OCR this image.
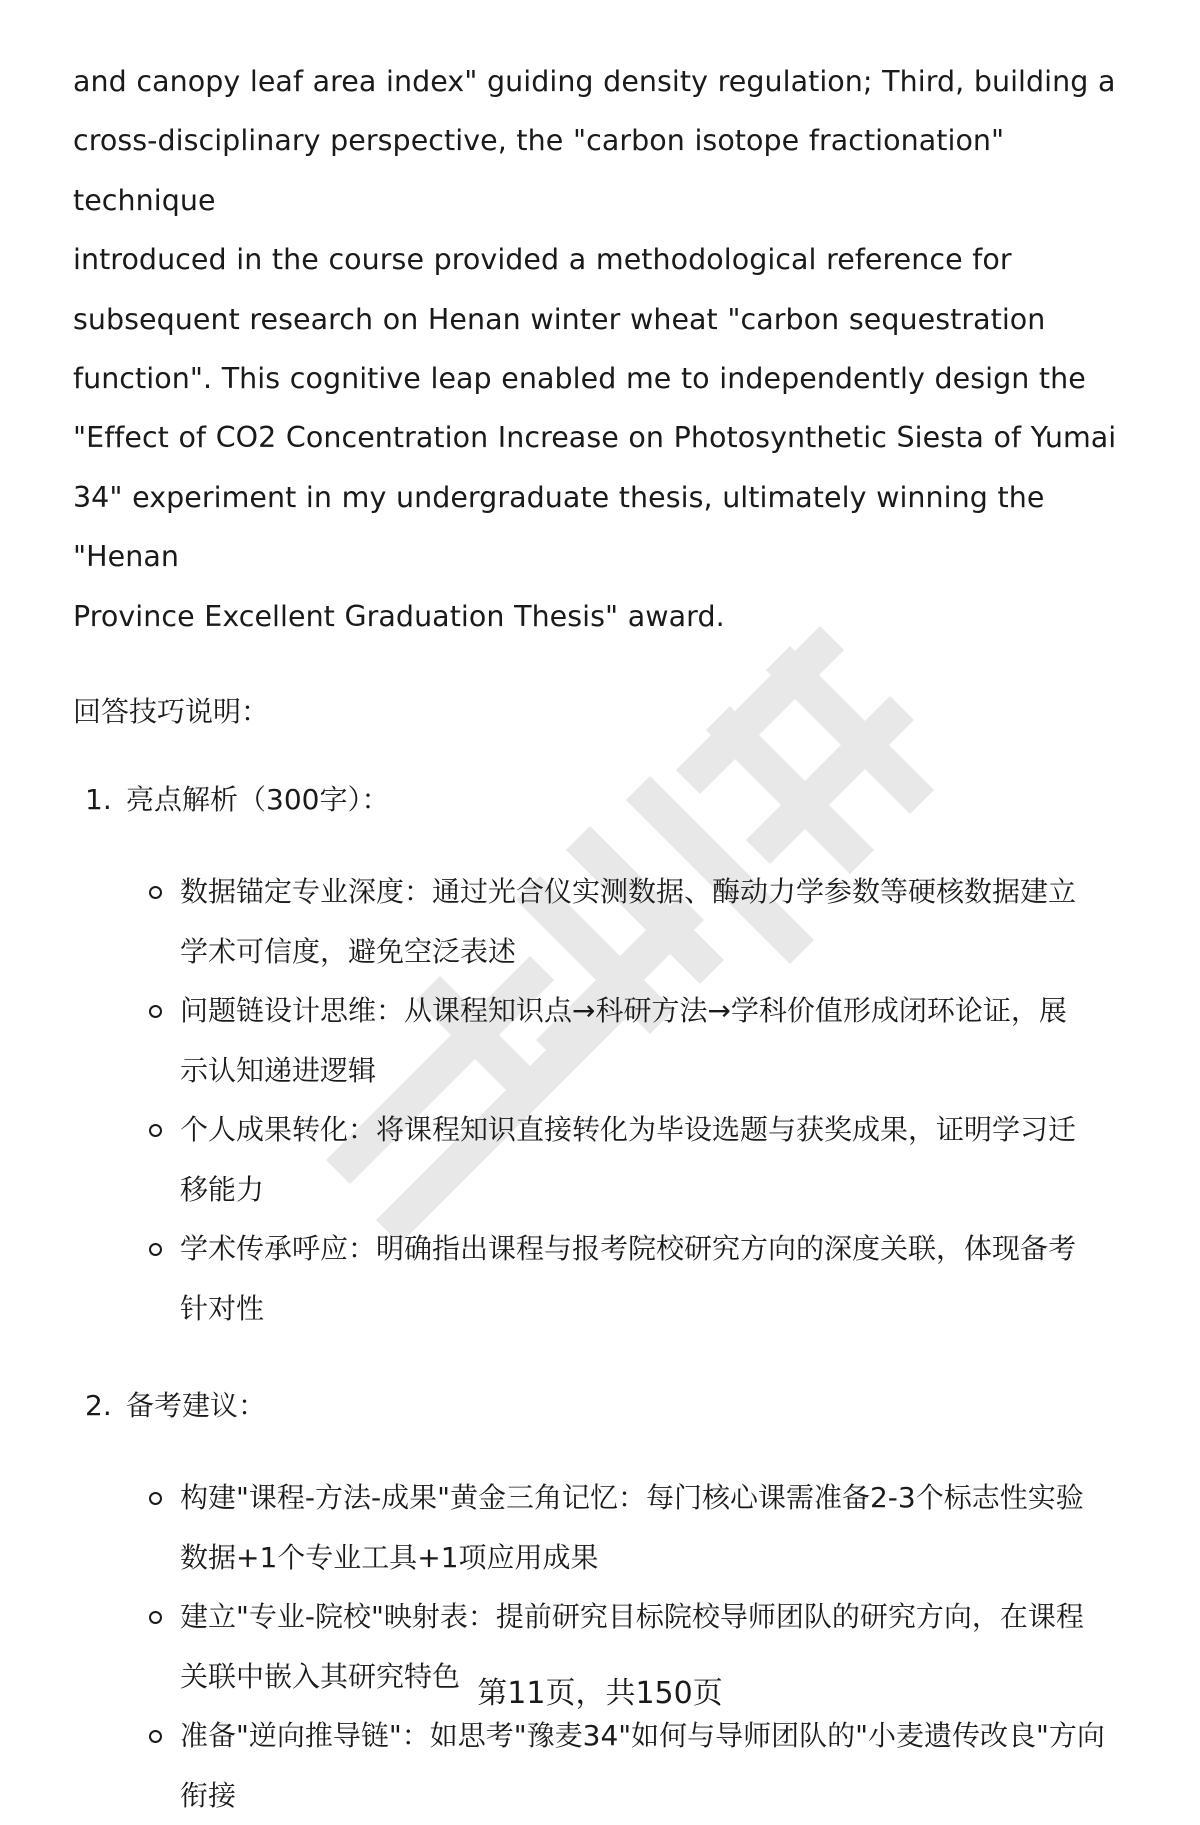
and canopy leaf area index" guiding density regulation; Third, building a
cross-disciplinary perspective, the "carbon isotope fractionation" technique
introduced in the course provided a methodological reference for
subsequent research on Henan winter wheat "carbon sequestration
function". This cognitive leap enabled me to independently design the
"Effect of CO2 Concentration Increase on Photosynthetic Siesta of Yumai
34" experiment in my undergraduate thesis, ultimately winning the "Henan
Province Excellent Graduation Thesis" award.

回答技巧说明：
1. 亮点解析（300字）：
数据锚定专业深度：通过光合仪实测数据、酶动力学参数等硬核数据建立
学术可信度，避免空泛表述
问题链设计思维：从课程知识点→科研方法→学科价值形成闭环论证，展
示认知递进逻辑
个人成果转化：将课程知识直接转化为毕设选题与获奖成果，证明学习迁
移能力
学术传承呼应：明确指出课程与报考院校研究方向的深度关联，体现备考
针对性
2. 备考建议：
构建"课程-方法-成果"黄金三角记忆：每门核心课需准备2-3个标志性实验
数据+1个专业工具+1项应用成果
建立"专业-院校"映射表：提前研究目标院校导师团队的研究方向，在课程
关联中嵌入其研究特色
准备"逆向推导链"：如思考"豫麦34"如何与导师团队的"小麦遗传改良"方向
衔接
第11页，共150页
